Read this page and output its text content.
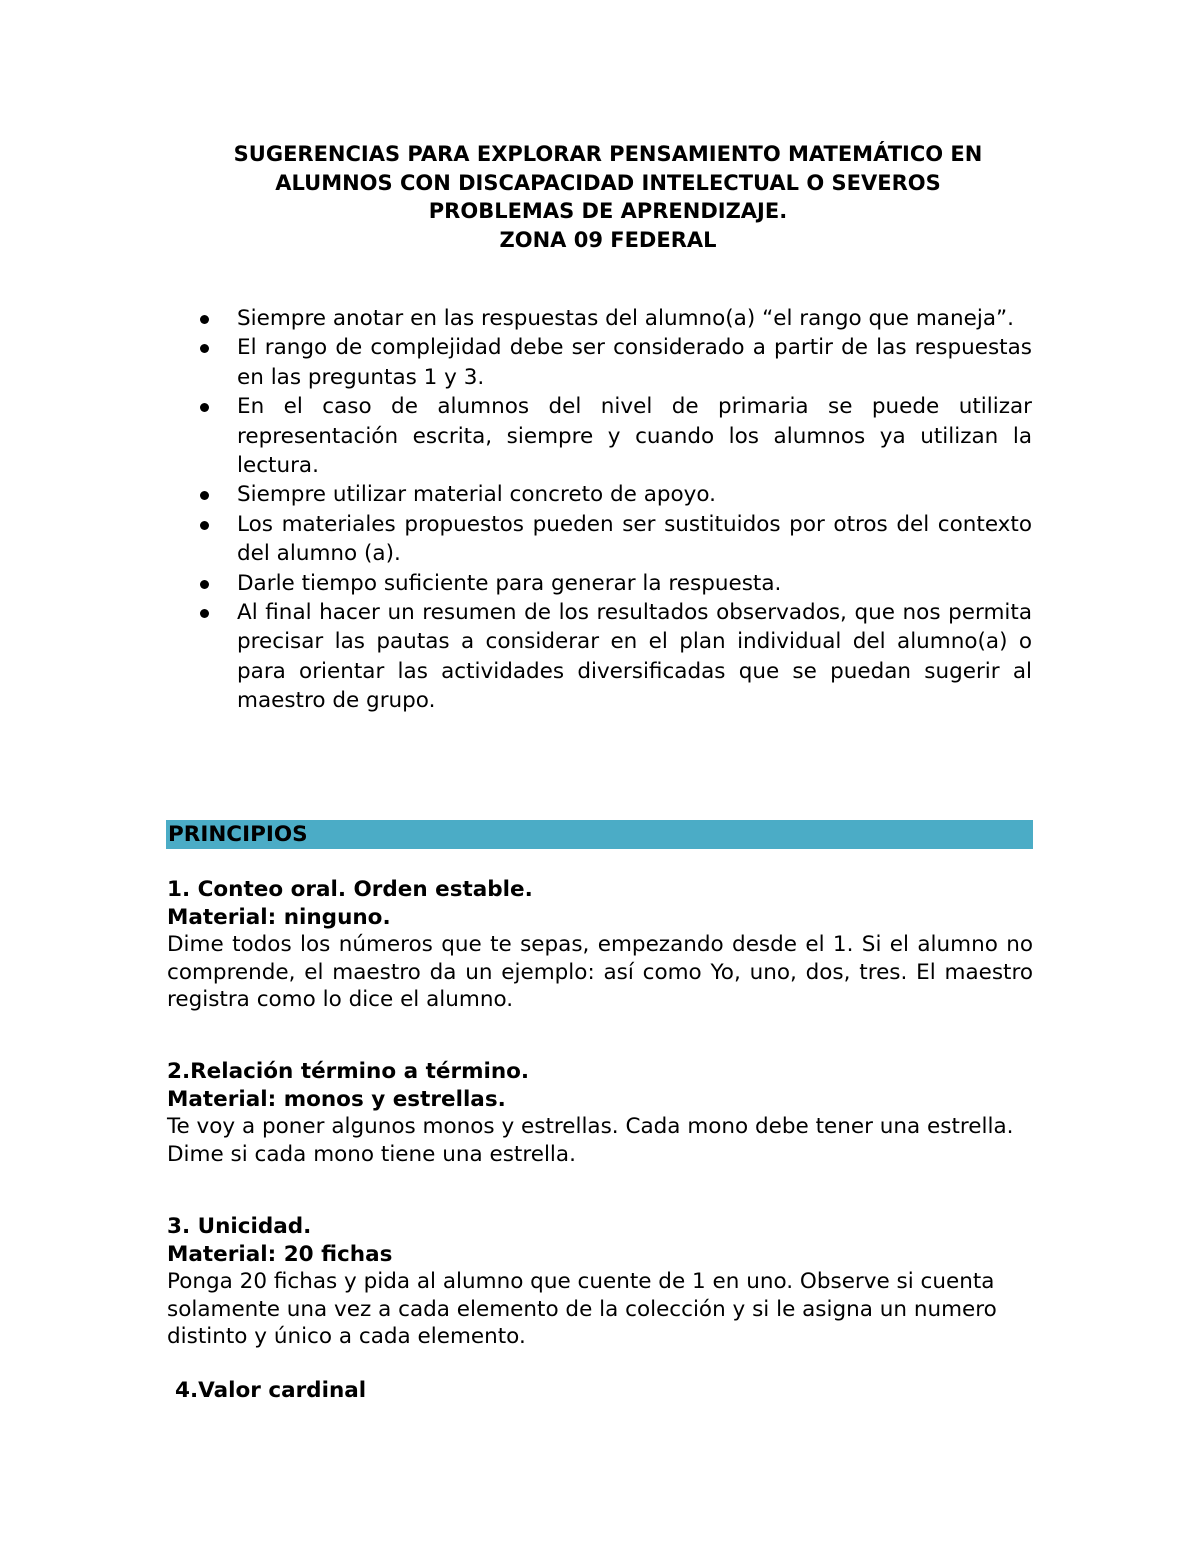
SUGERENCIAS PARA EXPLORAR PENSAMIENTO MATEMÁTICO EN
ALUMNOS CON DISCAPACIDAD INTELECTUAL O SEVEROS
PROBLEMAS DE APRENDIZAJE.
ZONA 09 FEDERAL
Siempre anotar en las respuestas del alumno(a) “el rango que maneja”.
El rango de complejidad debe ser considerado a partir de las respuestas en las preguntas 1 y 3.
En el caso de alumnos del nivel de primaria se puede utilizar representación escrita, siempre y cuando los alumnos ya utilizan la lectura.
Siempre utilizar material concreto de apoyo.
Los materiales propuestos pueden ser sustituidos por otros del contexto del alumno (a).
Darle tiempo suficiente para generar la respuesta.
Al final hacer un resumen de los resultados observados, que nos permita precisar las pautas a considerar en el plan individual del alumno(a) o para orientar las actividades diversificadas que se puedan sugerir al maestro de grupo.
PRINCIPIOS
1. Conteo oral. Orden estable.
Material: ninguno.
Dime todos los números que te sepas, empezando desde el 1. Si el alumno no comprende, el maestro da un ejemplo: así como Yo, uno, dos, tres. El maestro registra como lo dice el alumno.
2.Relación término a término.
Material: monos y estrellas.
Te voy a poner algunos monos y estrellas. Cada mono debe tener una estrella. Dime si cada mono tiene una estrella.
3. Unicidad.
Material: 20 fichas
Ponga 20 fichas y pida al alumno que cuente de 1 en uno. Observe si cuenta solamente una vez a cada elemento de la colección y si le asigna un numero distinto y único a cada elemento.
4.Valor cardinal
